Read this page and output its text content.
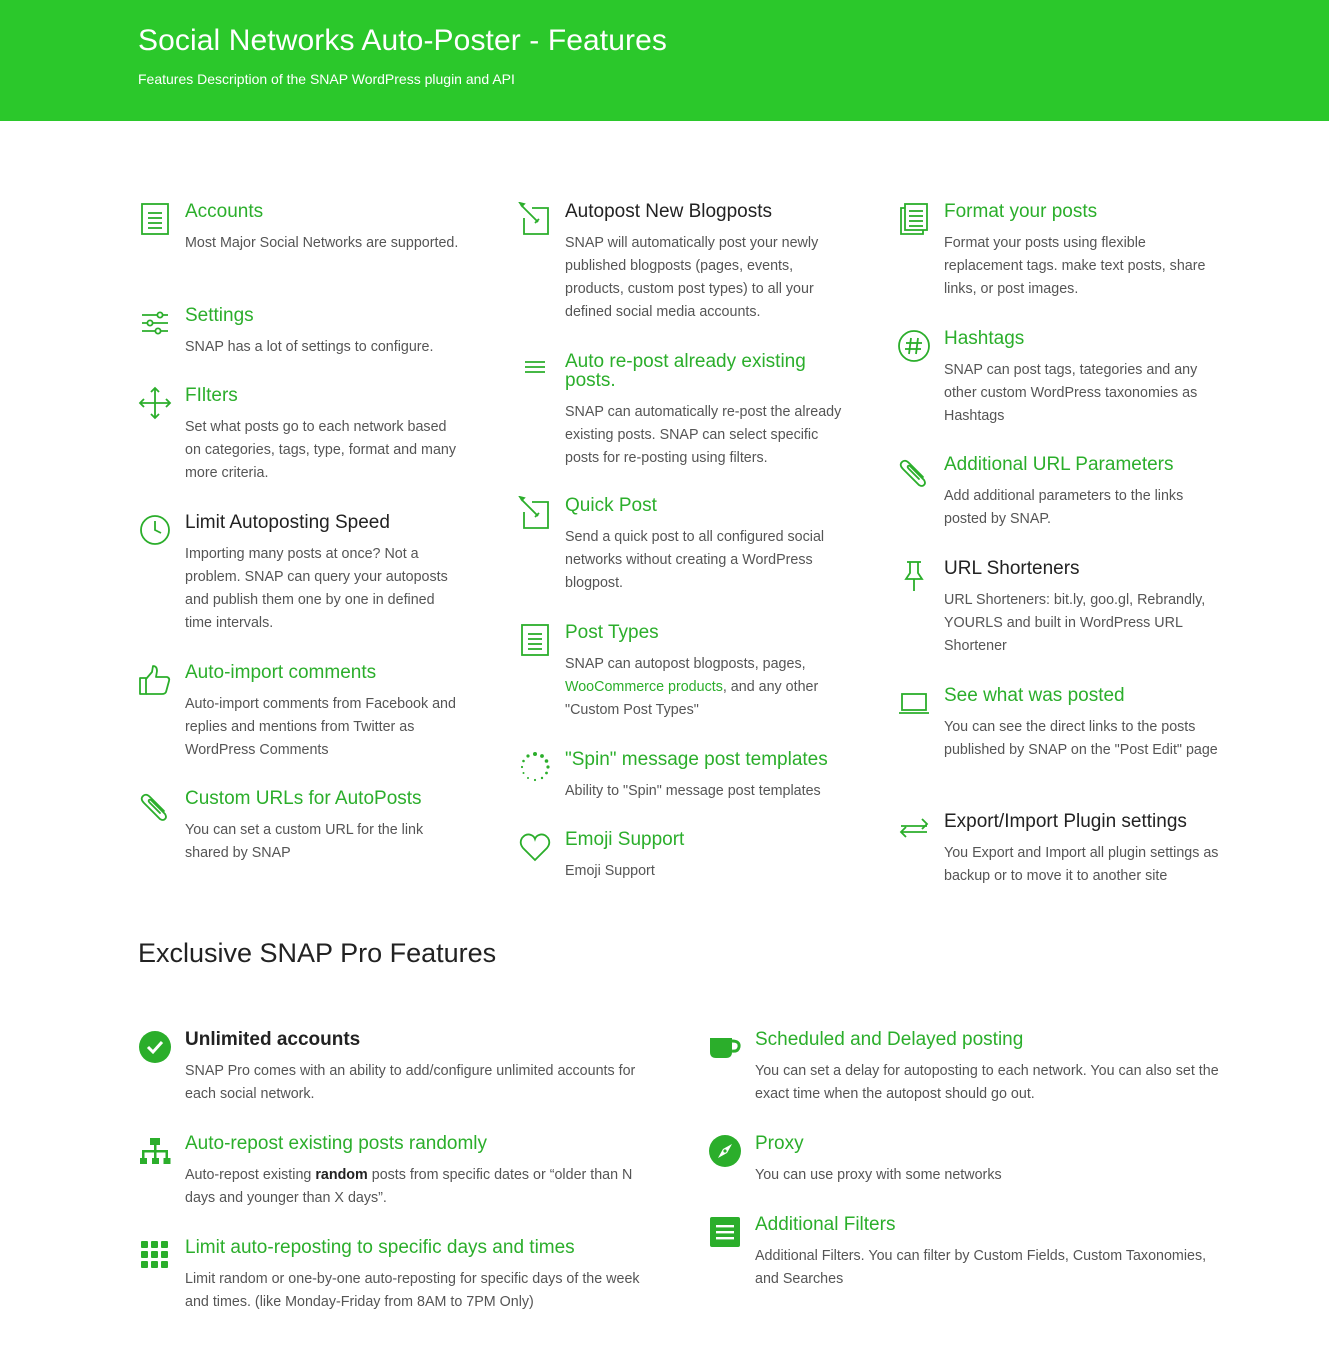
Social Networks Auto-Poster - Features

Features Description of the SNAP WordPress plugin and API

Accounts

Most Major Social Networks are supported.

Settings

SNAP has a lot of settings to configure.

FIlters

Set what posts go to each network based on categories, tags, type, format and many more criteria.

Limit Autoposting Speed

Importing many posts at once? Not a problem. SNAP can query your autoposts and publish them one by one in defined time intervals.

Auto-import comments

Auto-import comments from Facebook and replies and mentions from Twitter as WordPress Comments

Custom URLs for AutoPosts

You can set a custom URL for the link shared by SNAP

Autopost New Blogposts

SNAP will automatically post your newly published blogposts (pages, events, products, custom post types) to all your defined social media accounts.

Auto re-post already existing posts.

SNAP can automatically re-post the already existing posts. SNAP can select specific posts for re-posting using filters.

Quick Post

Send a quick post to all configured social networks without creating a WordPress blogpost.

Post Types

SNAP can autopost blogposts, pages, WooCommerce products, and any other "Custom Post Types"

"Spin" message post templates

Ability to "Spin" message post templates

Emoji Support

Emoji Support

Format your posts

Format your posts using flexible replacement tags. make text posts, share links, or post images.

Hashtags

SNAP can post tags, tategories and any other custom WordPress taxonomies as Hashtags

Additional URL Parameters

Add additional parameters to the links posted by SNAP.

URL Shorteners

URL Shorteners: bit.ly, goo.gl, Rebrandly, YOURLS and built in WordPress URL Shortener

See what was posted

You can see the direct links to the posts published by SNAP on the "Post Edit" page

Export/Import Plugin settings

You Export and Import all plugin settings as backup or to move it to another site

Exclusive SNAP Pro Features
Unlimited accounts

SNAP Pro comes with an ability to add/configure unlimited accounts for each social network.

Auto-repost existing posts randomly

Auto-repost existing random posts from specific dates or “older than N days and younger than X days”.

Limit auto-reposting to specific days and times

Limit random or one-by-one auto-reposting for specific days of the week and times. (like Monday-Friday from 8AM to 7PM Only)

Scheduled and Delayed posting

You can set a delay for autoposting to each network. You can also set the exact time when the autopost should go out.

Proxy

You can use proxy with some networks

Additional Filters

Additional Filters. You can filter by Custom Fields, Custom Taxonomies, and Searches
